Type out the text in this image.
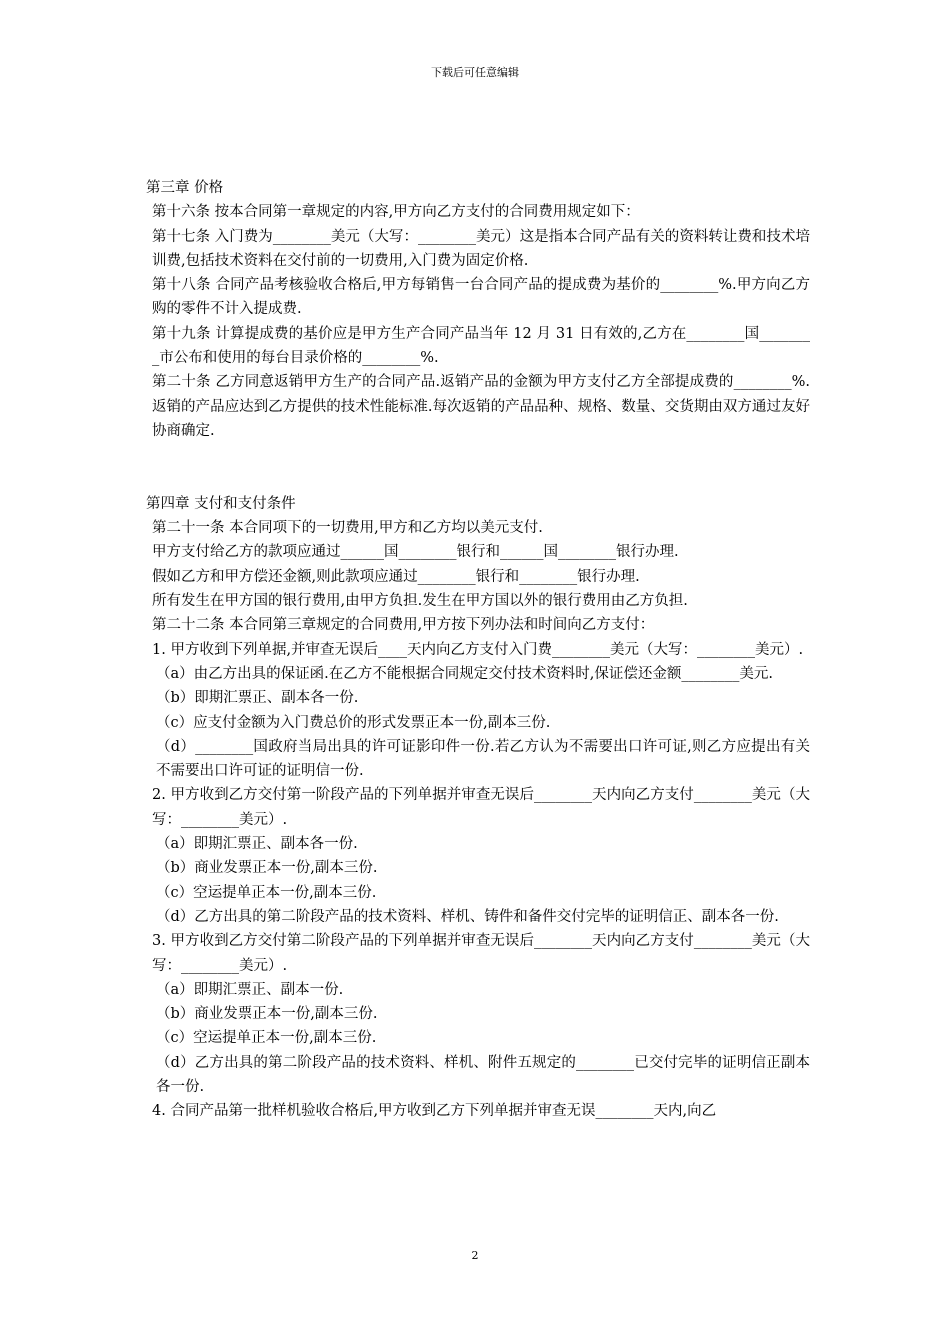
下载后可任意编辑

第三章 价格

第十六条 按本合同第一章规定的内容,甲方向乙方支付的合同费用规定如下：

第十七条 入门费为________美元（大写：________美元）这是指本合同产品有关的资料转让费和技术培训费,包括技术资料在交付前的一切费用,入门费为固定价格.

第十八条 合同产品考核验收合格后,甲方每销售一台合同产品的提成费为基价的________%.甲方向乙方购的零件不计入提成费.

第十九条 计算提成费的基价应是甲方生产合同产品当年 12 月 31 日有效的,乙方在________国________市公布和使用的每台目录价格的________%.

第二十条 乙方同意返销甲方生产的合同产品.返销产品的金额为甲方支付乙方全部提成费的________%.返销的产品应达到乙方提供的技术性能标准.每次返销的产品品种、规格、数量、交货期由双方通过友好协商确定.

第四章 支付和支付条件

第二十一条 本合同项下的一切费用,甲方和乙方均以美元支付.

甲方支付给乙方的款项应通过______国________银行和______国________银行办理.

假如乙方和甲方偿还金额,则此款项应通过________银行和________银行办理.

所有发生在甲方国的银行费用,由甲方负担.发生在甲方国以外的银行费用由乙方负担.

第二十二条 本合同第三章规定的合同费用,甲方按下列办法和时间向乙方支付：

1. 甲方收到下列单据,并审查无误后____天内向乙方支付入门费________美元（大写：________美元）.

（a）由乙方出具的保证函.在乙方不能根据合同规定交付技术资料时,保证偿还金额________美元.

（b）即期汇票正、副本各一份.

（c）应支付金额为入门费总价的形式发票正本一份,副本三份.

（d）________国政府当局出具的许可证影印件一份.若乙方认为不需要出口许可证,则乙方应提出有关不需要出口许可证的证明信一份.

2. 甲方收到乙方交付第一阶段产品的下列单据并审查无误后________天内向乙方支付________美元（大写：________美元）.

（a）即期汇票正、副本各一份.

（b）商业发票正本一份,副本三份.

（c）空运提单正本一份,副本三份.

（d）乙方出具的第二阶段产品的技术资料、样机、铸件和备件交付完毕的证明信正、副本各一份.

3. 甲方收到乙方交付第二阶段产品的下列单据并审查无误后________天内向乙方支付________美元（大写：________美元）.

（a）即期汇票正、副本一份.

（b）商业发票正本一份,副本三份.

（c）空运提单正本一份,副本三份.

（d）乙方出具的第二阶段产品的技术资料、样机、附件五规定的________已交付完毕的证明信正副本各一份.

4. 合同产品第一批样机验收合格后,甲方收到乙方下列单据并审查无误________天内,向乙

2
